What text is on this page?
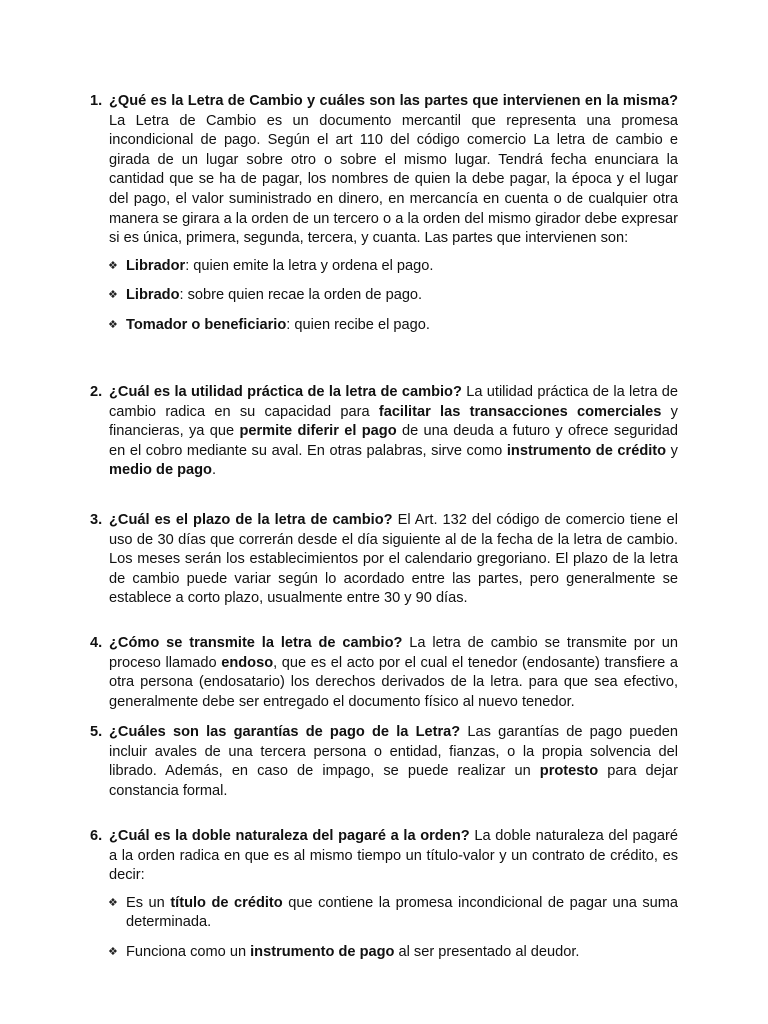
1. ¿Qué es la Letra de Cambio y cuáles son las partes que intervienen en la misma? La Letra de Cambio es un documento mercantil que representa una promesa incondicional de pago. Según el art 110 del código comercio La letra de cambio e girada de un lugar sobre otro o sobre el mismo lugar. Tendrá fecha enunciara la cantidad que se ha de pagar, los nombres de quien la debe pagar, la época y el lugar del pago, el valor suministrado en dinero, en mercancía en cuenta o de cualquier otra manera se girara a la orden de un tercero o a la orden del mismo girador debe expresar si es única, primera, segunda, tercera, y cuanta. Las partes que intervienen son:
❖ Librador: quien emite la letra y ordena el pago.
❖ Librado: sobre quien recae la orden de pago.
❖ Tomador o beneficiario: quien recibe el pago.
2. ¿Cuál es la utilidad práctica de la letra de cambio? La utilidad práctica de la letra de cambio radica en su capacidad para facilitar las transacciones comerciales y financieras, ya que permite diferir el pago de una deuda a futuro y ofrece seguridad en el cobro mediante su aval. En otras palabras, sirve como instrumento de crédito y medio de pago.
3. ¿Cuál es el plazo de la letra de cambio? El Art. 132 del código de comercio tiene el uso de 30 días que correrán desde el día siguiente al de la fecha de la letra de cambio. Los meses serán los establecimientos por el calendario gregoriano. El plazo de la letra de cambio puede variar según lo acordado entre las partes, pero generalmente se establece a corto plazo, usualmente entre 30 y 90 días.
4. ¿Cómo se transmite la letra de cambio? La letra de cambio se transmite por un proceso llamado endoso, que es el acto por el cual el tenedor (endosante) transfiere a otra persona (endosatario) los derechos derivados de la letra. para que sea efectivo, generalmente debe ser entregado el documento físico al nuevo tenedor.
5. ¿Cuáles son las garantías de pago de la Letra? Las garantías de pago pueden incluir avales de una tercera persona o entidad, fianzas, o la propia solvencia del librado. Además, en caso de impago, se puede realizar un protesto para dejar constancia formal.
6. ¿Cuál es la doble naturaleza del pagaré a la orden? La doble naturaleza del pagaré a la orden radica en que es al mismo tiempo un título-valor y un contrato de crédito, es decir:
❖ Es un título de crédito que contiene la promesa incondicional de pagar una suma determinada.
❖ Funciona como un instrumento de pago al ser presentado al deudor.
